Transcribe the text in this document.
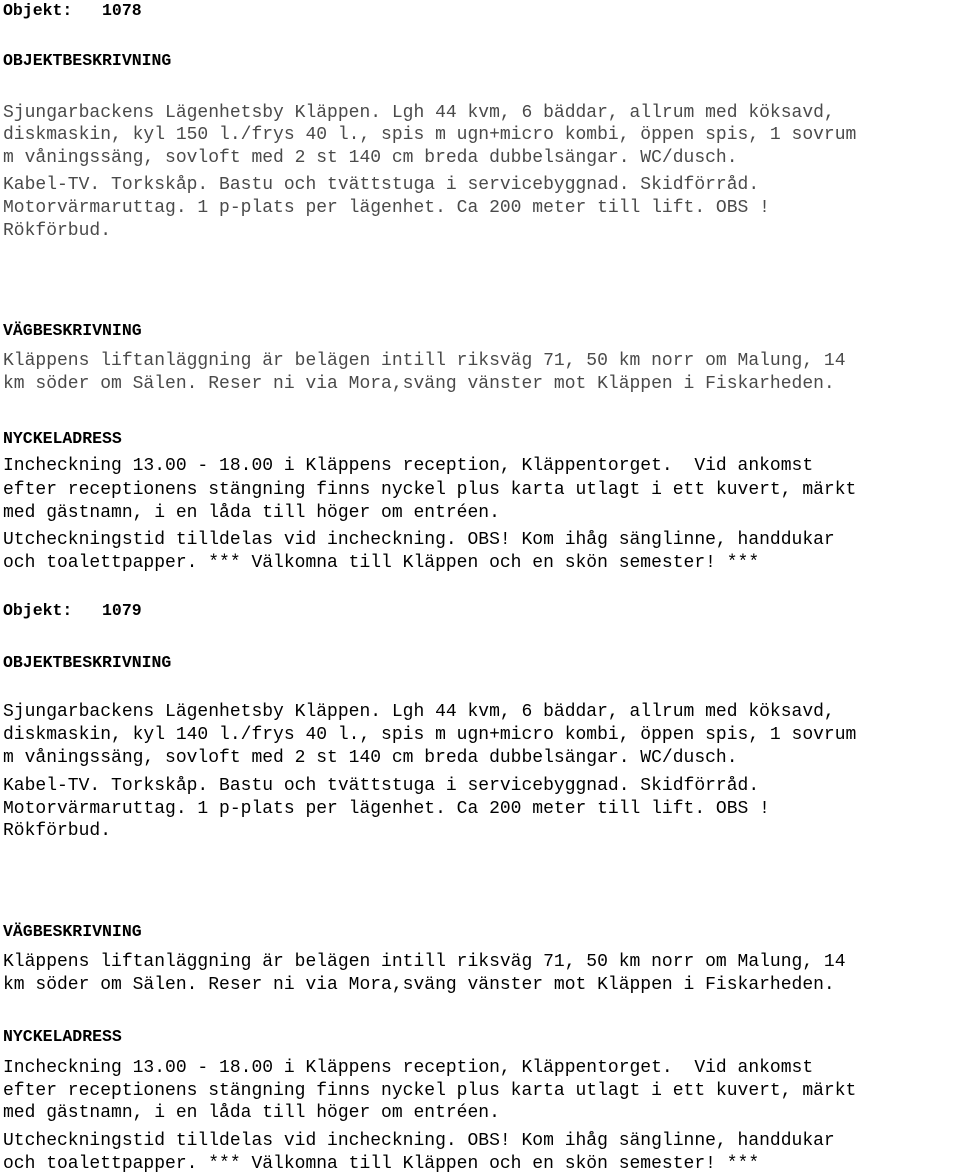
Objekt: 1078
OBJEKTBESKRIVNING
Sjungarbackens Lägenhetsby Kläppen. Lgh 44 kvm, 6 bäddar, allrum med köksavd,
diskmaskin, kyl 150 l./frys 40 l., spis m ugn+micro kombi, öppen spis, 1 sovrum
m våningssäng, sovloft med 2 st 140 cm breda dubbelsängar. WC/dusch.
Kabel-TV. Torkskåp. Bastu och tvättstuga i servicebyggnad. Skidförråd.
Motorvärmaruttag. 1 p-plats per lägenhet. Ca 200 meter till lift. OBS !
Rökförbud.
VÄGBESKRIVNING
Kläppens liftanläggning är belägen intill riksväg 71, 50 km norr om Malung, 14
km söder om Sälen. Reser ni via Mora,sväng vänster mot Kläppen i Fiskarheden.
NYCKELADRESS
Incheckning 13.00 - 18.00 i Kläppens reception, Kläppentorget.  Vid ankomst
efter receptionens stängning finns nyckel plus karta utlagt i ett kuvert, märkt
med gästnamn, i en låda till höger om entréen.
Utcheckningstid tilldelas vid incheckning. OBS! Kom ihåg sänglinne, handdukar
och toalettpapper. *** Välkomna till Kläppen och en skön semester! ***
Objekt: 1079
OBJEKTBESKRIVNING
Sjungarbackens Lägenhetsby Kläppen. Lgh 44 kvm, 6 bäddar, allrum med köksavd,
diskmaskin, kyl 140 l./frys 40 l., spis m ugn+micro kombi, öppen spis, 1 sovrum
m våningssäng, sovloft med 2 st 140 cm breda dubbelsängar. WC/dusch.
Kabel-TV. Torkskåp. Bastu och tvättstuga i servicebyggnad. Skidförråd.
Motorvärmaruttag. 1 p-plats per lägenhet. Ca 200 meter till lift. OBS !
Rökförbud.
VÄGBESKRIVNING
Kläppens liftanläggning är belägen intill riksväg 71, 50 km norr om Malung, 14
km söder om Sälen. Reser ni via Mora,sväng vänster mot Kläppen i Fiskarheden.
NYCKELADRESS
Incheckning 13.00 - 18.00 i Kläppens reception, Kläppentorget.  Vid ankomst
efter receptionens stängning finns nyckel plus karta utlagt i ett kuvert, märkt
med gästnamn, i en låda till höger om entréen.
Utcheckningstid tilldelas vid incheckning. OBS! Kom ihåg sänglinne, handdukar
och toalettpapper. *** Välkomna till Kläppen och en skön semester! ***
